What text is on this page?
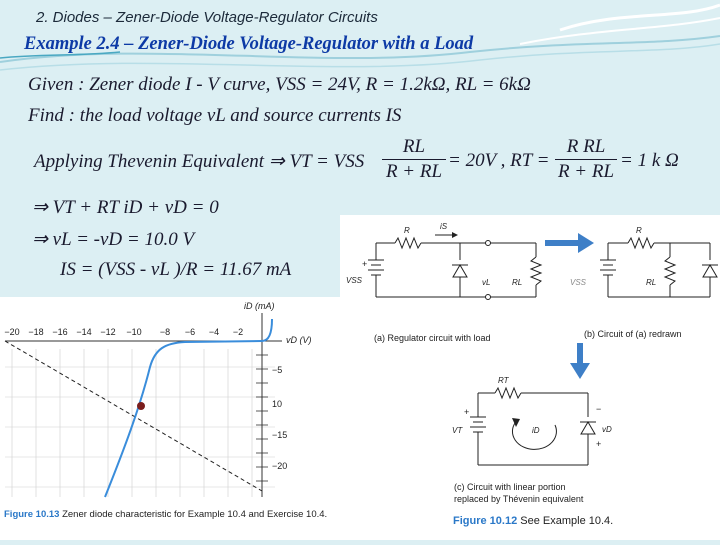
2. Diodes – Zener-Diode Voltage-Regulator Circuits
Example 2.4 – Zener-Diode Voltage-Regulator with a Load
Given : Zener diode I - V curve, VSS = 24V, R = 1.2kΩ, RL = 6kΩ
Find : the load voltage vL and source currents IS
Applying Thevenin Equivalent ⇒ VT = VSS $\frac{RL}{R + RL} = 20V$ , RT = $\frac{\text{R RL}}{R + RL} = 1$ k Ω
⇒ VT + RT iD + vD = 0
⇒ vL = -vD = 10.0 V
IS = (VSS - vL )/R = 11.67 mA
iD (mA)
vD (V)
−20 −18 −16 −14 −12 −10 −8 −6 −4 −2
−5
10
−15
−20
Figure 10.13 Zener diode characteristic for Example 10.4 and Exercise 10.4.
R	iS
VSS
+
vL	RL
(a) Regulator circuit with load
R
VSS	RL
(b) Circuit of (a) redrawn
RT
VT
+
iD	vD
−
+
(c) Circuit with linear portion
replaced by Thévenin equivalent
Figure 10.12 See Example 10.4.
